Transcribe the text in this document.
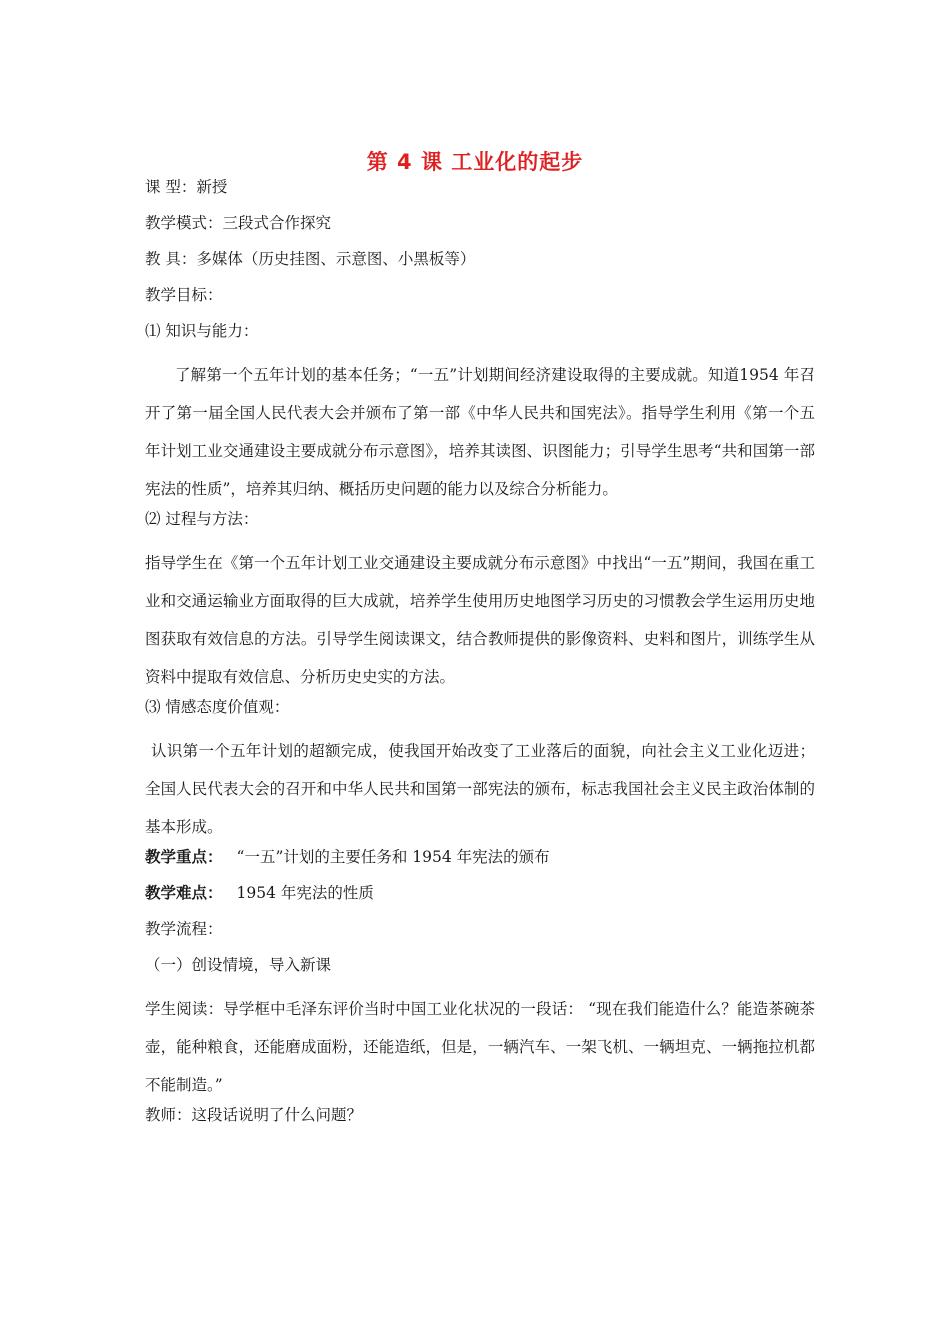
第 4 课 工业化的起步
课 型：新授
教学模式：三段式合作探究
教 具：多媒体（历史挂图、示意图、小黑板等）
教学目标：
⑴ 知识与能力：
了解第一个五年计划的基本任务；“一五”计划期间经济建设取得的主要成就。知道1954 年召开了第一届全国人民代表大会并颁布了第一部《中华人民共和国宪法》。指导学生利用《第一个五年计划工业交通建设主要成就分布示意图》，培养其读图、识图能力；引导学生思考“共和国第一部宪法的性质”，培养其归纳、概括历史问题的能力以及综合分析能力。
⑵ 过程与方法：
指导学生在《第一个五年计划工业交通建设主要成就分布示意图》中找出“一五”期间，我国在重工业和交通运输业方面取得的巨大成就，培养学生使用历史地图学习历史的习惯教会学生运用历史地图获取有效信息的方法。引导学生阅读课文，结合教师提供的影像资料、史料和图片，训练学生从资料中提取有效信息、分析历史史实的方法。
⑶ 情感态度价值观：
认识第一个五年计划的超额完成，使我国开始改变了工业落后的面貌，向社会主义工业化迈进；全国人民代表大会的召开和中华人民共和国第一部宪法的颁布，标志我国社会主义民主政治体制的基本形成。
教学重点： “一五”计划的主要任务和 1954 年宪法的颁布
教学难点： 1954 年宪法的性质
教学流程：
（一）创设情境，导入新课
学生阅读：导学框中毛泽东评价当时中国工业化状况的一段话： “现在我们能造什么？能造茶碗茶壶，能种粮食，还能磨成面粉，还能造纸，但是，一辆汽车、一架飞机、一辆坦克、一辆拖拉机都不能制造。”
教师：这段话说明了什么问题？
